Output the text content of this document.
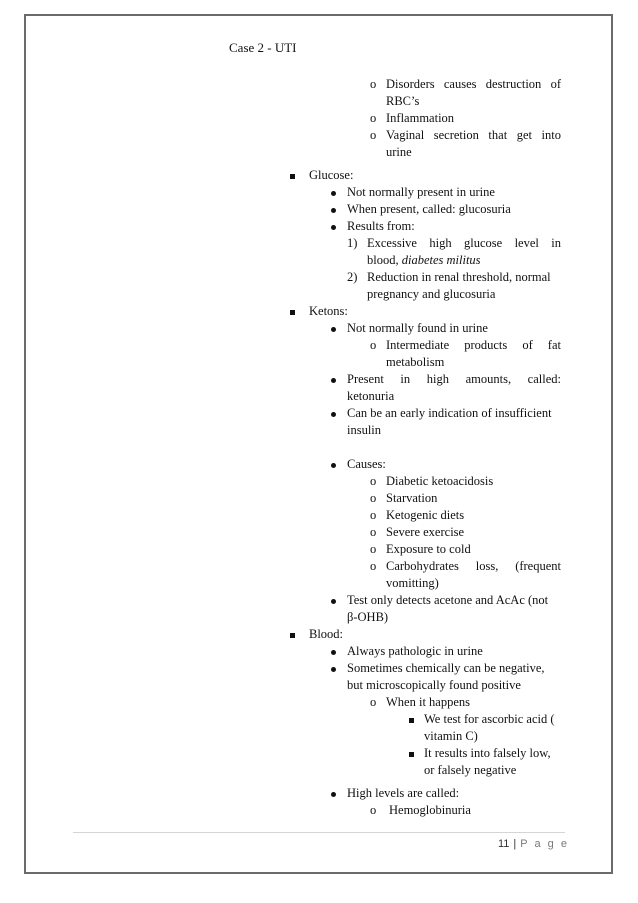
Case 2 - UTI
o Disorders causes destruction of
RBC’s
o Inflammation
o Vaginal secretion that get into
urine
Glucose:
Not normally present in urine
When present, called: glucosuria
Results from:
1) Excessive high glucose level in
blood, diabetes militus
2) Reduction in renal threshold, normal
pregnancy and glucosuria
Ketons:
Not normally found in urine
o Intermediate products of fat
metabolism
Present in high amounts, called:
ketonuria
Can be an early indication of insufficient
insulin
Causes:
o Diabetic ketoacidosis
o Starvation
o Ketogenic diets
o Severe exercise
o Exposure to cold
o Carbohydrates loss, (frequent
vomitting)
Test only detects acetone and AcAc (not
β-OHB)
Blood:
Always pathologic in urine
Sometimes chemically can be negative,
but microscopically found positive
o When it happens
We test for ascorbic acid (
vitamin C)
It results into falsely low,
or falsely negative
High levels are called:
o Hemoglobinuria
11 | P a g e
